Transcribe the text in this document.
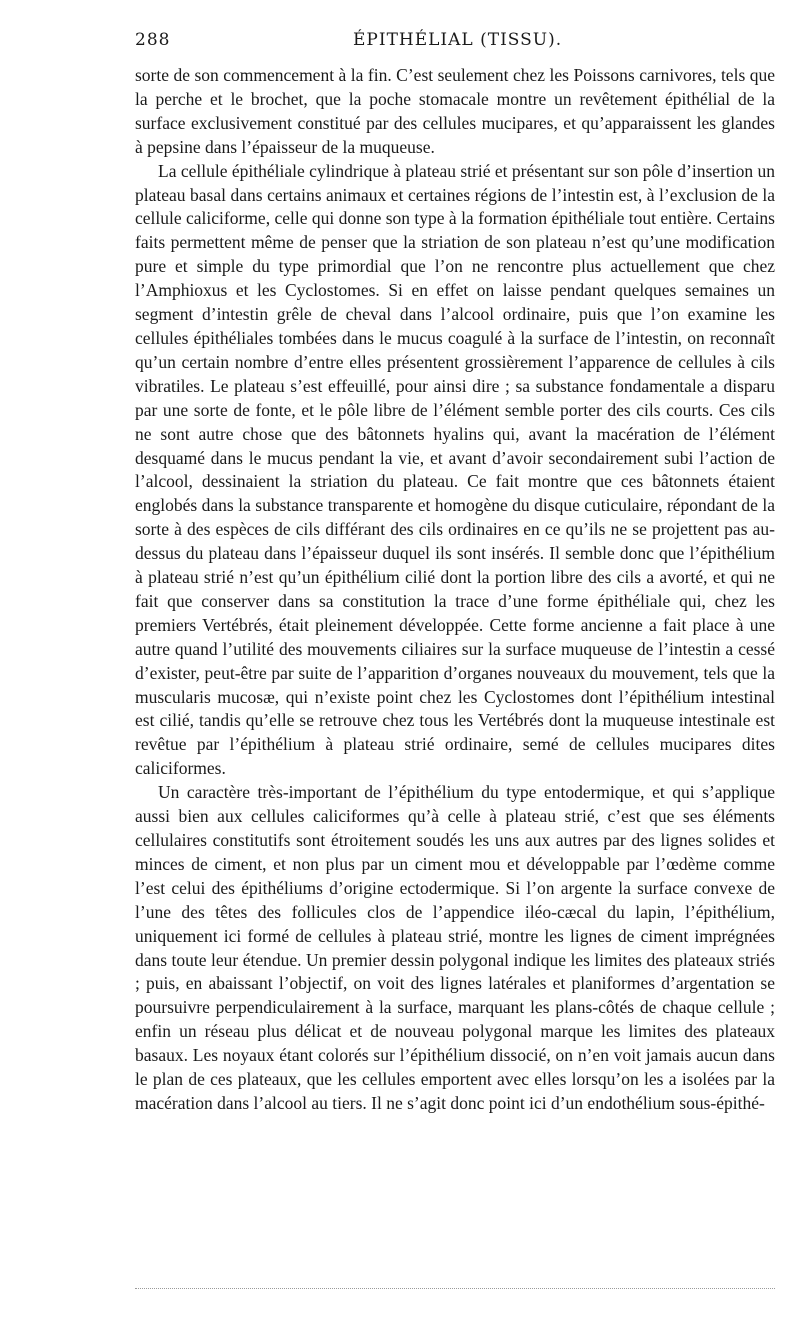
288	ÉPITHÉLIAL (TISSU).

sorte de son commencement à la fin. C’est seulement chez les Poissons carnivores, tels que la perche et le brochet, que la poche stomacale montre un revêtement épithélial de la surface exclusivement constitué par des cellules mucipares, et qu’apparaissent les glandes à pepsine dans l’épaisseur de la muqueuse.

La cellule épithéliale cylindrique à plateau strié et présentant sur son pôle d’insertion un plateau basal dans certains animaux et certaines régions de l’intestin est, à l’exclusion de la cellule caliciforme, celle qui donne son type à la formation épithéliale tout entière. Certains faits permettent même de penser que la striation de son plateau n’est qu’une modification pure et simple du type primordial que l’on ne rencontre plus actuellement que chez l’Amphioxus et les Cyclostomes. Si en effet on laisse pendant quelques semaines un segment d’intestin grêle de cheval dans l’alcool ordinaire, puis que l’on examine les cellules épithéliales tombées dans le mucus coagulé à la surface de l’intestin, on reconnaît qu’un certain nombre d’entre elles présentent grossièrement l’apparence de cellules à cils vibratiles. Le plateau s’est effeuillé, pour ainsi dire ; sa substance fondamentale a disparu par une sorte de fonte, et le pôle libre de l’élément semble porter des cils courts. Ces cils ne sont autre chose que des bâtonnets hyalins qui, avant la macération de l’élément desquamé dans le mucus pendant la vie, et avant d’avoir secondairement subi l’action de l’alcool, dessinaient la striation du plateau. Ce fait montre que ces bâtonnets étaient englobés dans la substance transparente et homogène du disque cuticulaire, répondant de la sorte à des espèces de cils différant des cils ordinaires en ce qu’ils ne se projettent pas au-dessus du plateau dans l’épaisseur duquel ils sont insérés. Il semble donc que l’épithélium à plateau strié n’est qu’un épithélium cilié dont la portion libre des cils a avorté, et qui ne fait que conserver dans sa constitution la trace d’une forme épithéliale qui, chez les premiers Vertébrés, était pleinement développée. Cette forme ancienne a fait place à une autre quand l’utilité des mouvements ciliaires sur la surface muqueuse de l’intestin a cessé d’exister, peut-être par suite de l’apparition d’organes nouveaux du mouvement, tels que la muscularis mucosæ, qui n’existe point chez les Cyclostomes dont l’épithélium intestinal est cilié, tandis qu’elle se retrouve chez tous les Vertébrés dont la muqueuse intestinale est revêtue par l’épithélium à plateau strié ordinaire, semé de cellules mucipares dites caliciformes.

Un caractère très-important de l’épithélium du type entodermique, et qui s’applique aussi bien aux cellules caliciformes qu’à celle à plateau strié, c’est que ses éléments cellulaires constitutifs sont étroitement soudés les uns aux autres par des lignes solides et minces de ciment, et non plus par un ciment mou et développable par l’œdème comme l’est celui des épithéliums d’origine ectodermique. Si l’on argente la surface convexe de l’une des têtes des follicules clos de l’appendice iléo-cæcal du lapin, l’épithélium, uniquement ici formé de cellules à plateau strié, montre les lignes de ciment imprégnées dans toute leur étendue. Un premier dessin polygonal indique les limites des plateaux striés ; puis, en abaissant l’objectif, on voit des lignes latérales et planiformes d’argentation se poursuivre perpendiculairement à la surface, marquant les plans-côtés de chaque cellule ; enfin un réseau plus délicat et de nouveau polygonal marque les limites des plateaux basaux. Les noyaux étant colorés sur l’épithélium dissocié, on n’en voit jamais aucun dans le plan de ces plateaux, que les cellules emportent avec elles lorsqu’on les a isolées par la macération dans l’alcool au tiers. Il ne s’agit donc point ici d’un endothélium sous-épithé-
